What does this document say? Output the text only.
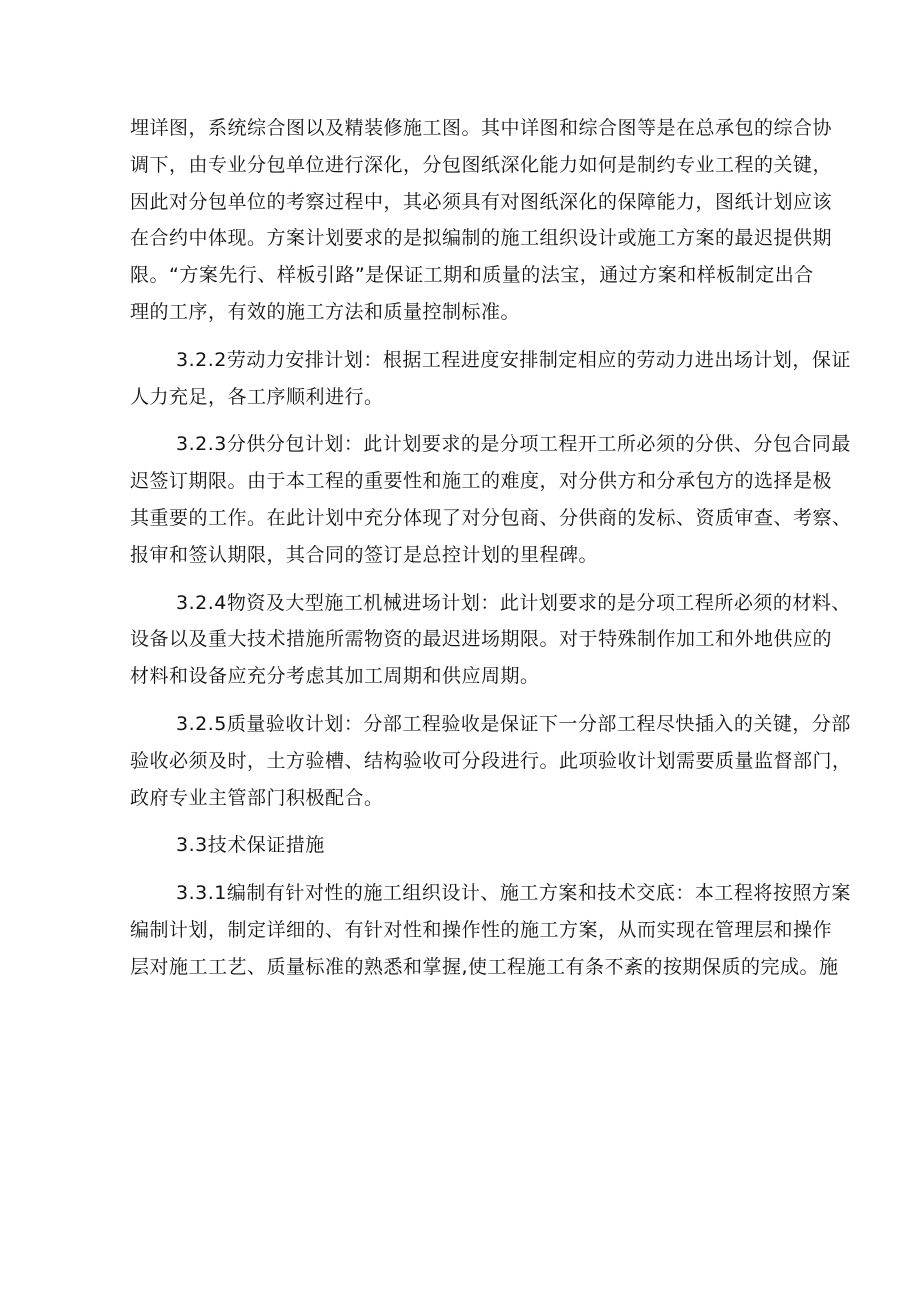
埋详图，系统综合图以及精装修施工图。其中详图和综合图等是在总承包的综合协
调下，由专业分包单位进行深化，分包图纸深化能力如何是制约专业工程的关键，
因此对分包单位的考察过程中，其必须具有对图纸深化的保障能力，图纸计划应该
在合约中体现。方案计划要求的是拟编制的施工组织设计或施工方案的最迟提供期
限。“方案先行、样板引路”是保证工期和质量的法宝，通过方案和样板制定出合
理的工序，有效的施工方法和质量控制标准。

3.2.2劳动力安排计划：根据工程进度安排制定相应的劳动力进出场计划，保证
人力充足，各工序顺利进行。

3.2.3分供分包计划：此计划要求的是分项工程开工所必须的分供、分包合同最
迟签订期限。由于本工程的重要性和施工的难度，对分供方和分承包方的选择是极
其重要的工作。在此计划中充分体现了对分包商、分供商的发标、资质审查、考察、
报审和签认期限，其合同的签订是总控计划的里程碑。

3.2.4物资及大型施工机械进场计划：此计划要求的是分项工程所必须的材料、
设备以及重大技术措施所需物资的最迟进场期限。对于特殊制作加工和外地供应的
材料和设备应充分考虑其加工周期和供应周期。

3.2.5质量验收计划：分部工程验收是保证下一分部工程尽快插入的关键，分部
验收必须及时，土方验槽、结构验收可分段进行。此项验收计划需要质量监督部门，
政府专业主管部门积极配合。

3.3技术保证措施

3.3.1编制有针对性的施工组织设计、施工方案和技术交底：本工程将按照方案
编制计划，制定详细的、有针对性和操作性的施工方案，从而实现在管理层和操作
层对施工工艺、质量标准的熟悉和掌握,使工程施工有条不紊的按期保质的完成。施
